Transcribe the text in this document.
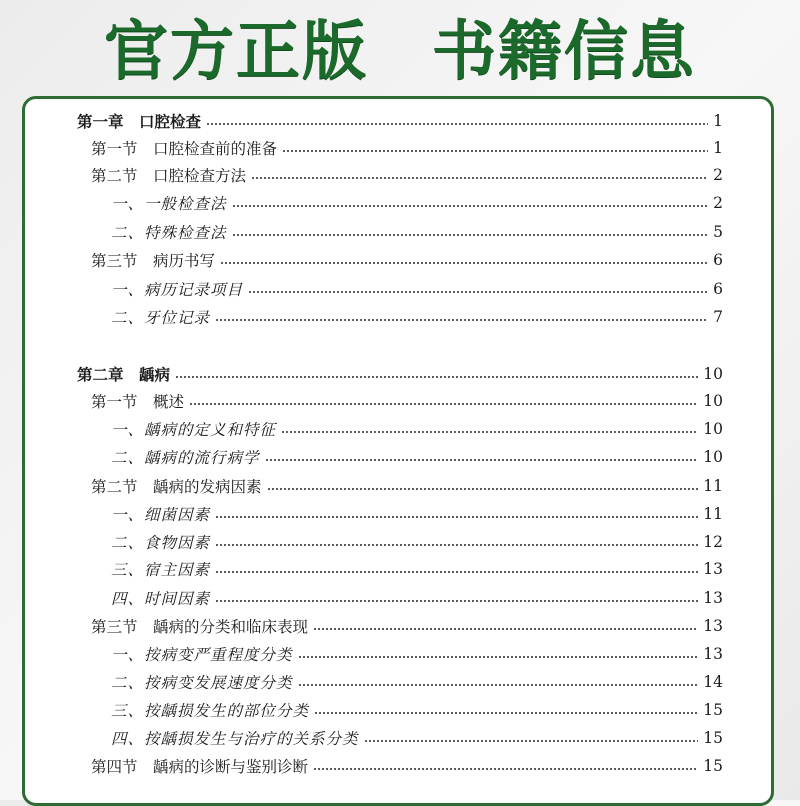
官方正版 书籍信息
第一章　口腔检查	1
第一节　口腔检查前的准备	1
第二节　口腔检查方法	2
一、一般检查法	2
二、特殊检查法	5
第三节　病历书写	6
一、病历记录项目	6
二、牙位记录	7
第二章　龋病	10
第一节　概述	10
一、龋病的定义和特征	10
二、龋病的流行病学	10
第二节　龋病的发病因素	11
一、细菌因素	11
二、食物因素	12
三、宿主因素	13
四、时间因素	13
第三节　龋病的分类和临床表现	13
一、按病变严重程度分类	13
二、按病变发展速度分类	14
三、按龋损发生的部位分类	15
四、按龋损发生与治疗的关系分类	15
第四节　龋病的诊断与鉴别诊断	15
